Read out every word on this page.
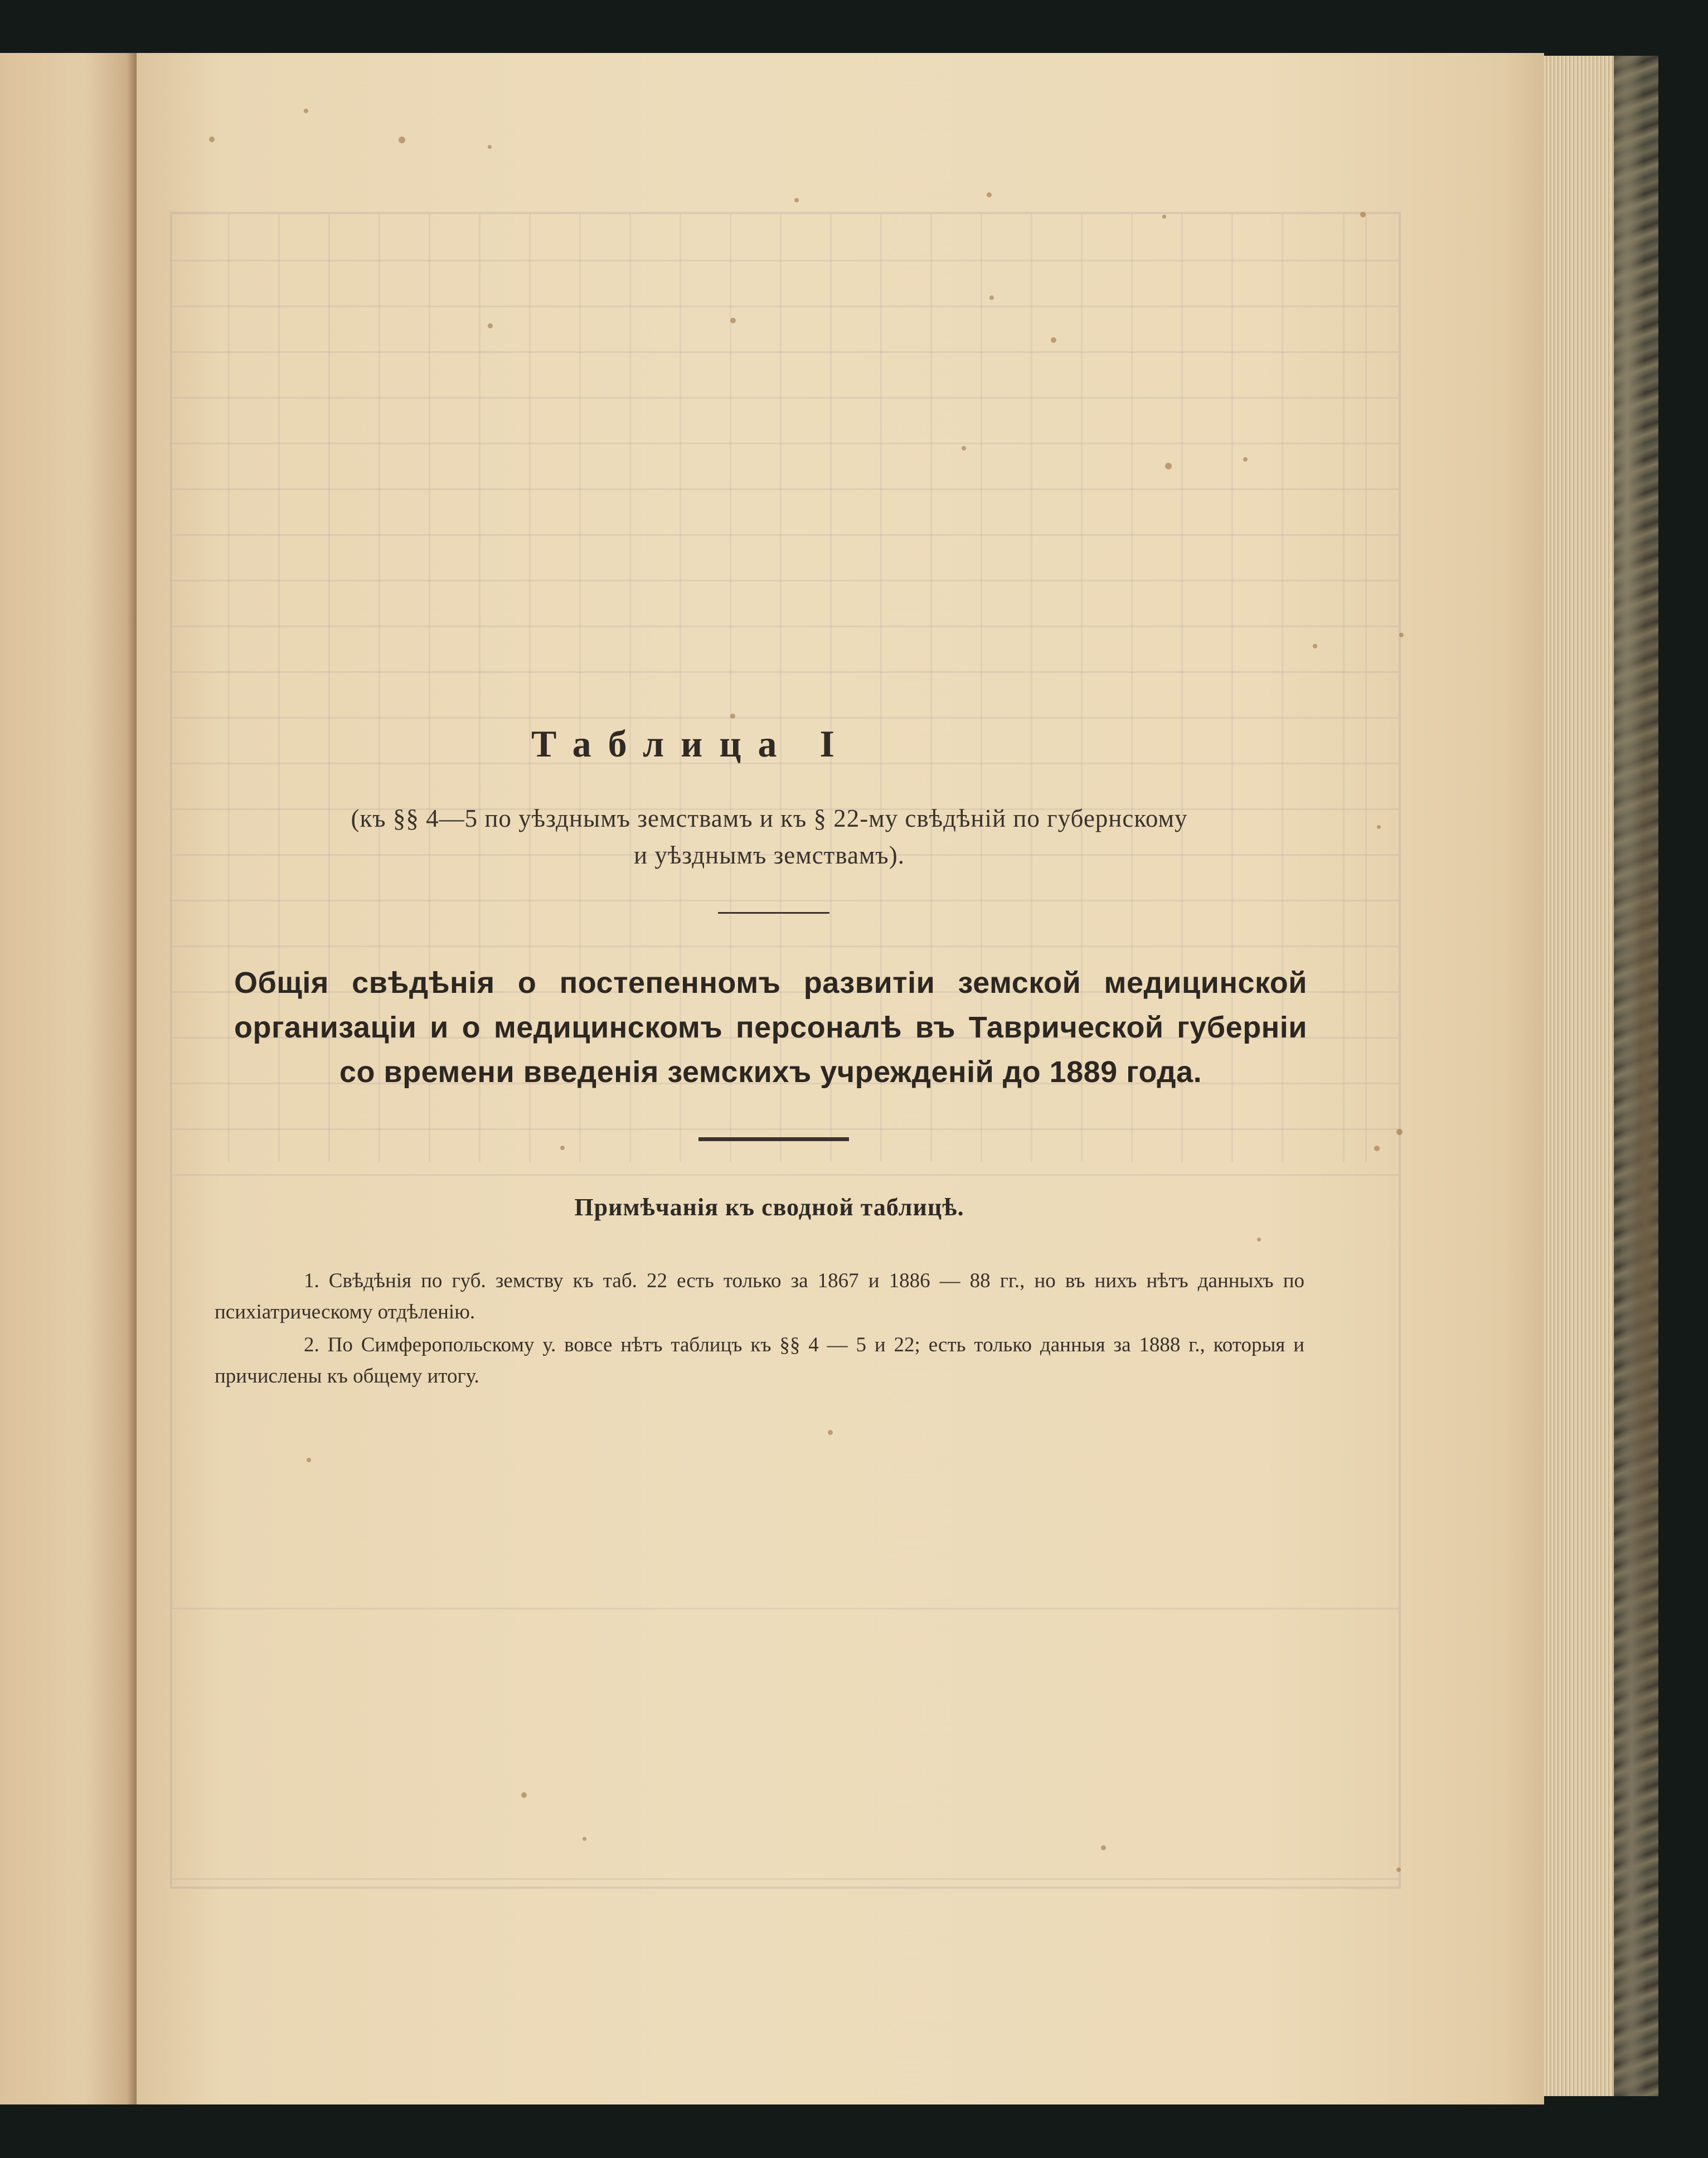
Таблица I
(къ §§ 4—5 по уѣзднымъ земствамъ и къ § 22-му свѣдѣній по губернскому
и уѣзднымъ земствамъ).
Общія свѣдѣнія о постепенномъ развитіи земской медицинской организаціи и о медицинскомъ персоналѣ въ Таврической губерніи со времени введенія земскихъ учрежденій до 1889 года.
Примѣчанія къ сводной таблицѣ.

1. Свѣдѣнія по губ. земству къ таб. 22 есть только за 1867 и 1886 — 88 гг., но въ нихъ нѣтъ данныхъ по психіатрическому отдѣленію.

2. По Симферопольскому у. вовсе нѣтъ таблицъ къ §§ 4 — 5 и 22; есть только данныя за 1888 г., которыя и причислены къ общему итогу.
